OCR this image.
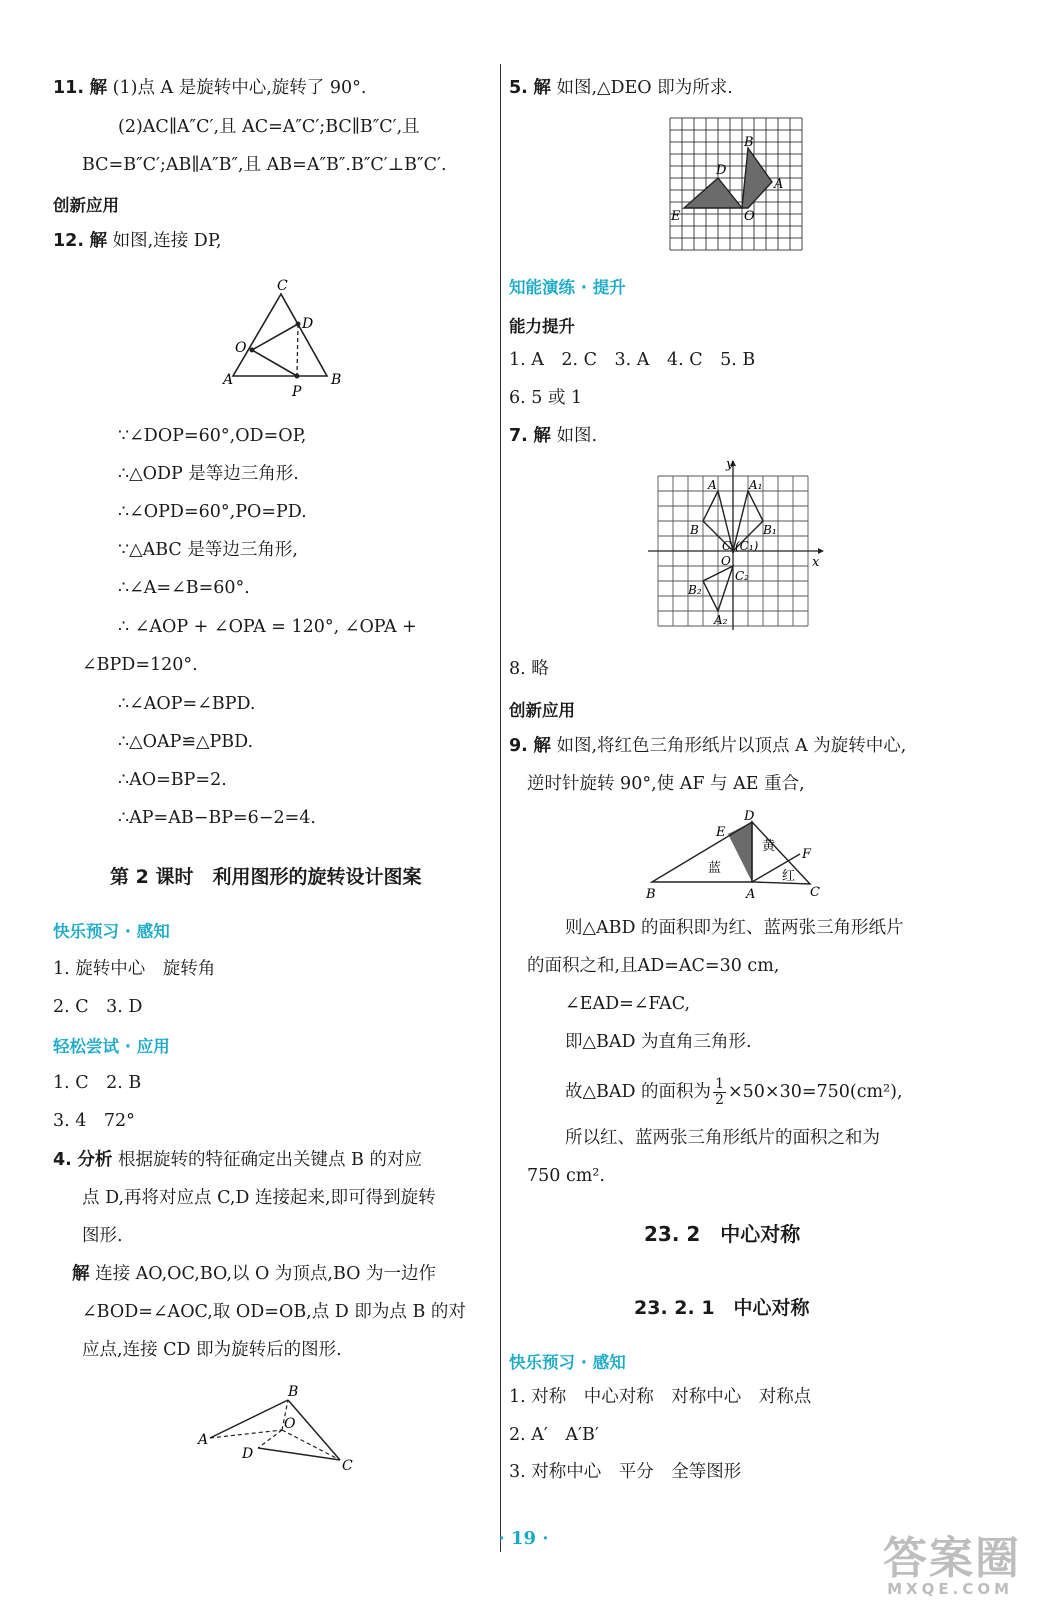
11. 解 (1)点 A 是旋转中心,旋转了 90°.
(2)AC∥A″C′,且 AC=A″C′;BC∥B″C′,且
BC=B″C′;AB∥A″B″,且 AB=A″B″.B″C′⊥B″C′.
创新应用
12. 解 如图,连接 DP,
C
D
O
A
P
B
∵∠DOP=60°,OD=OP,
∴△ODP 是等边三角形.
∴∠OPD=60°,PO=PD.
∵△ABC 是等边三角形,
∴∠A=∠B=60°.
∴ ∠AOP + ∠OPA = 120°, ∠OPA +
∠BPD=120°.
∴∠AOP=∠BPD.
∴△OAP≌△PBD.
∴AO=BP=2.
∴AP=AB−BP=6−2=4.
第 2 课时　利用图形的旋转设计图案
快乐预习 · 感知
1. 旋转中心　旋转角
2. C　3. D
轻松尝试 · 应用
1. C　2. B
3. 4　72°
4. 分析 根据旋转的特征确定出关键点 B 的对应
点 D,再将对应点 C,D 连接起来,即可得到旋转
图形.
解 连接 AO,OC,BO,以 O 为顶点,BO 为一边作
∠BOD=∠AOC,取 OD=OB,点 D 即为点 B 的对
应点,连接 CD 即为旋转后的图形.
A
B
O
D
C
5. 解 如图,△DEO 即为所求.
B
D
A
E	O
知能演练 · 提升
能力提升
1. A　2. C　3. A　4. C　5. B
6. 5 或 1
7. 解 如图.
y
x
A	A₁
B	B₁
C (C₁)
O
C₂
B₂
A₂
8. 略
创新应用
9. 解 如图,将红色三角形纸片以顶点 A 为旋转中心,
逆时针旋转 90°,使 AF 与 AE 重合,
D
E
F
B	A	C
蓝
黄
红
则△ABD 的面积即为红、蓝两张三角形纸片
的面积之和,且AD=AC=30 cm,
∠EAD=∠FAC,
即△BAD 为直角三角形.
故△BAD 的面积为 $\frac{1}{2} \times 50\times 30=750(cm^2)$,
所以红、蓝两张三角形纸片的面积之和为
750 cm².
23. 2　中心对称
23. 2. 1　中心对称
快乐预习 · 感知
1. 对称　中心对称　对称中心　对称点
2. A′　A′B′
3. 对称中心　平分　全等图形
· 19 ·	答案圈
MXQE.COM
